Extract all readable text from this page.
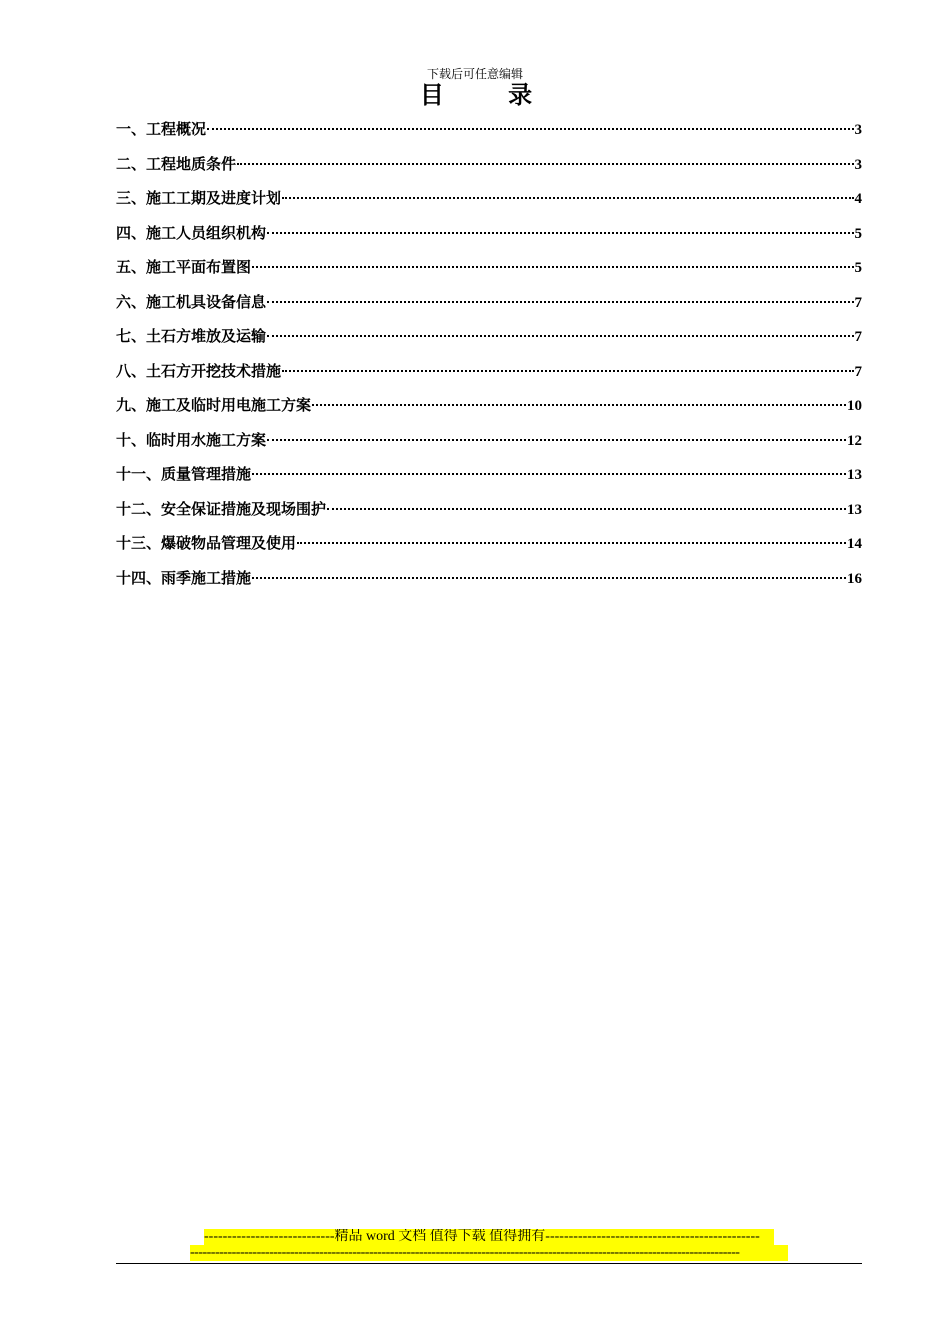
下载后可任意编辑
目 录
一、工程概况	3
二、工程地质条件	3
三、施工工期及进度计划	4
四、施工人员组织机构	5
五、施工平面布置图	5
六、施工机具设备信息	7
七、土石方堆放及运输	7
八、土石方开挖技术措施	7
九、施工及临时用电施工方案	10
十、临时用水施工方案	12
十一、质量管理措施	13
十二、安全保证措施及现场围护	13
十三、爆破物品管理及使用	14
十四、雨季施工措施	16
----------------------------精品 word 文档 值得下载 值得拥有----------------------------------------------
------------------------------------------------------------------------------------------------------------------------------------
